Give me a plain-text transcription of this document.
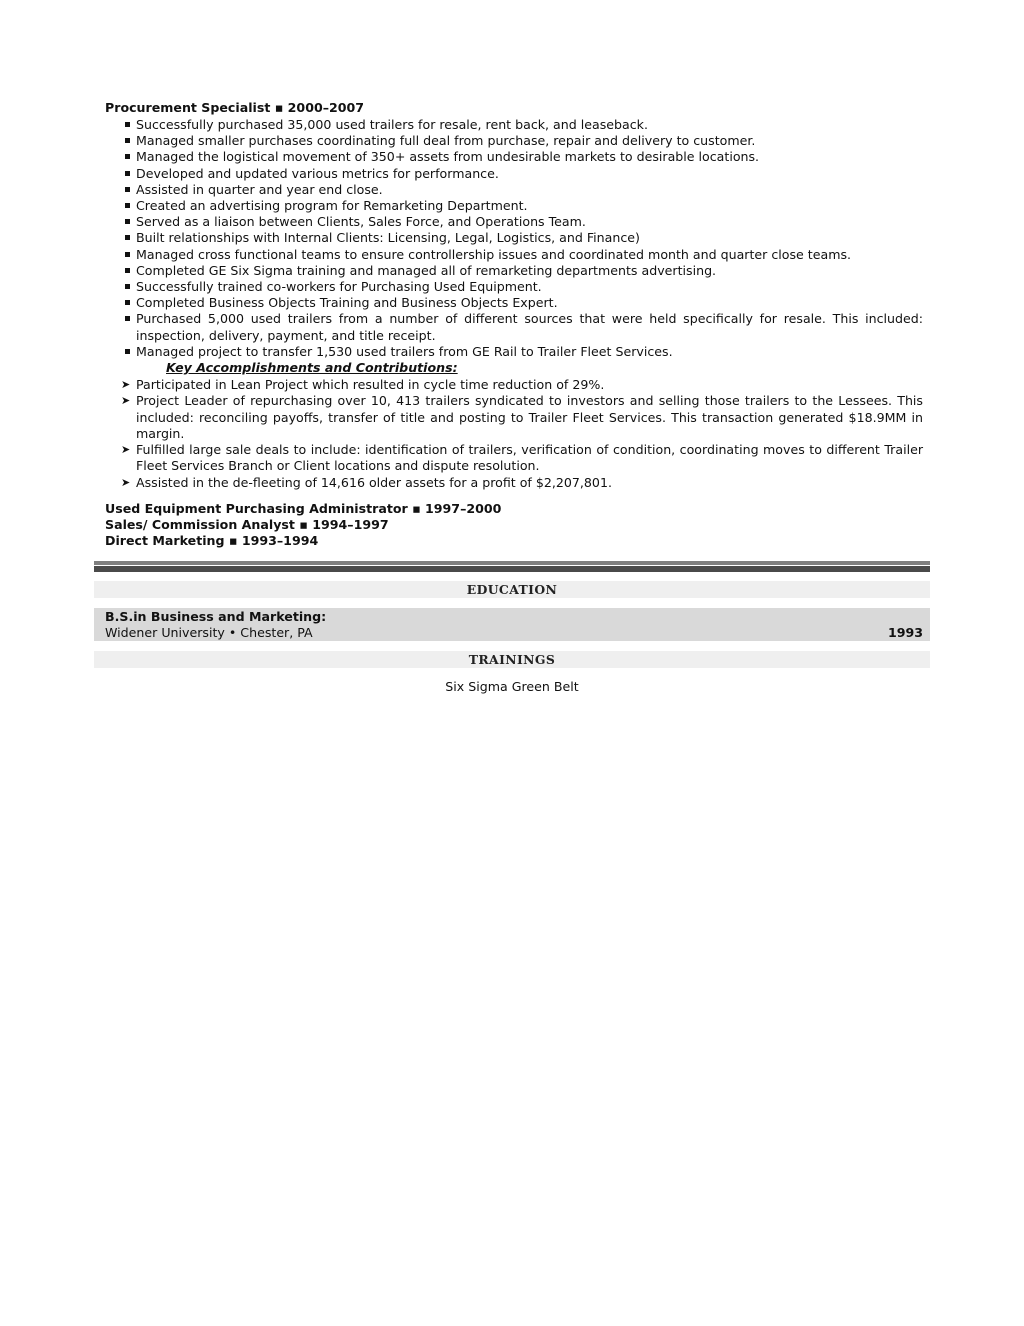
Procurement Specialist ▪ 2000–2007
Successfully purchased 35,000 used trailers for resale, rent back, and leaseback.
Managed smaller purchases coordinating full deal from purchase, repair and delivery to customer.
Managed the logistical movement of 350+ assets from undesirable markets to desirable locations.
Developed and updated various metrics for performance.
Assisted in quarter and year end close.
Created an advertising program for Remarketing Department.
Served as a liaison between Clients, Sales Force, and Operations Team.
Built relationships with Internal Clients: Licensing, Legal, Logistics, and Finance)
Managed cross functional teams to ensure controllership issues and coordinated month and quarter close teams.
Completed GE Six Sigma training and managed all of remarketing departments advertising.
Successfully trained co-workers for Purchasing Used Equipment.
Completed Business Objects Training and Business Objects Expert.
Purchased 5,000 used trailers from a number of different sources that were held specifically for resale. This included: inspection, delivery, payment, and title receipt.
Managed project to transfer 1,530 used trailers from GE Rail to Trailer Fleet Services.
Key Accomplishments and Contributions:
➤ Participated in Lean Project which resulted in cycle time reduction of 29%.
➤ Project Leader of repurchasing over 10, 413 trailers syndicated to investors and selling those trailers to the Lessees. This included: reconciling payoffs, transfer of title and posting to Trailer Fleet Services. This transaction generated $18.9MM in margin.
➤ Fulfilled large sale deals to include: identification of trailers, verification of condition, coordinating moves to different Trailer Fleet Services Branch or Client locations and dispute resolution.
➤ Assisted in the de-fleeting of 14,616 older assets for a profit of $2,207,801.
Used Equipment Purchasing Administrator ▪ 1997–2000
Sales/ Commission Analyst ▪ 1994–1997
Direct Marketing ▪ 1993–1994
EDUCATION
B.S.in Business and Marketing:
Widener University • Chester, PA	1993
TRAININGS
Six Sigma Green Belt
